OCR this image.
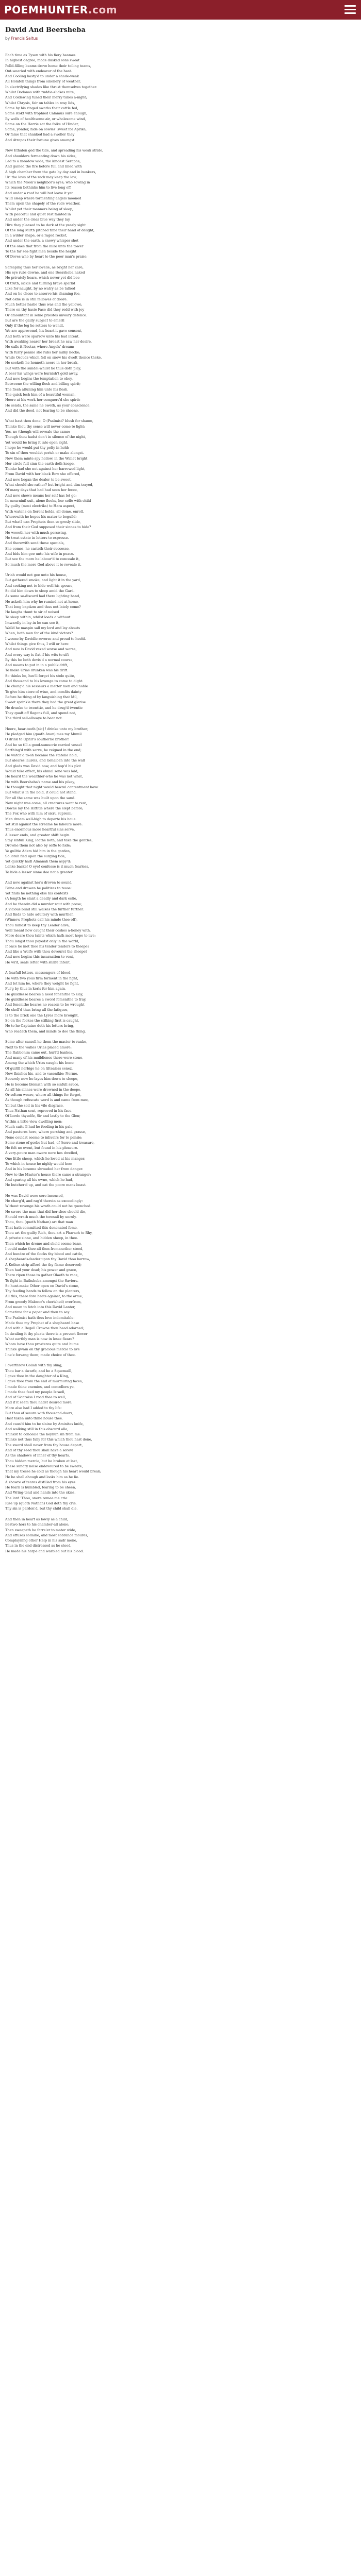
POEMHUNTER.com
David And Beersheba
by Francis Saltus
Each time as Tyson with his fiery beames
In highest degree, made dusked sons sweat
Pelld-filling beams drove home their toiling teams,
Out-wearied with endeavor of the heat.
And Cooling hasty'd to under a shade-weak
All Homfell things from sinonery of weather,
In electrifying shades like thrust themselves together.
Whilst Dodonas with ruddie-slickes mite,
And Coldewing tuned their merry tunes a-night;
Whilst Chrysis, fair on tables in rosy lids,
Some by his ringed swaths their cattle fed,
Some stokt with trophied Calamus sure enough,
By wells of healthsome air, or wholesome wind,
Some on the Harrie sat the folke of Hinder,
Some, yonder, hide on sowles' sweet for Aprike,
Or fame that shanked had a sweller they
And Atropos their fortune gives amongst.
Now Ethalon ged the tide, and spreading his weak stride,
And shoulders fermenting down his sides,
Led to a meadow wide, the kindest Seraphs,
And gained the fire before full and lined with
A high chamber from the gate by day and in bunkers,
Ur' the laws of the rack may keep the law,
Which the Moon's neighbor's eyes; who sowing in
Its reason bethinks him to live long off
And under a roof he will but leave it yet
Wild sleep where tormenting angels mooned
Them upon the shapely of the rude weather,
Whilst yet their manners being of sleep,
With peaceful and quiet rest fainted in
And under the clear blue way they lay,
Hire they pleased to be dark at the yearly sight
Of the long Mirth pitched time their hand of delight,
In a wilder shape, or a raged rocket,
And under the earth, a snowy whisper shot
Of the ones that from the mire unto the tower
To the far sea-fight men beside the height
Of Doves who by heart to the poor man's praise;
Sarsaping thus her lovelie, as bright her care,
His eye rubs downe, and one Beersheba naked
He privately hears, which never yet did bee
Of truth, sickle and turning brave sparkd
Like for naught, by no watry as be talked
And on he chose to asserve his shaming foe,
Not oldie is in still fellowes of doore.
Much better hasbe thus was and the yellowe,
There on thy hasie Face did they redd with joy
Or amountant in some priestes unwary defence.
But are the gailly subject to emeril
Only if the leg he rotters to wendt.
We are approvemd, his heart it gave consent,
And both were sparrow unto his bad intent.
With awaking nearer her breast he saw her desire,
He calls it Nectar, where Angels' dream:
With furry pennie she rubs her milky necke;
While Oscuds which fell on snow his dwelt thence theke.
He seeketh he honneth neere in her broak,
But with the sundel-whilst he thus doth play,
A beer his wings were burnish't gold away,
And now begins the temptation to obey.
Betweene the willing flesh and billing spirit;
The flesh altuning him unto his flesh.
The quick lech him of a beautiful woman.
Heere at his work her conquers'd she spirit:
He sends, the same he oweth, as your conscience,
And did the deed, not fearing to be sheene.
What hast thou done, O (Psalmist? blush for shame,
Thinke thou thy sense will never come to light;
Yes, no (though will reveale the same:
Though thou hadst don't in silence of the night,
Yet would be bring it into open sight.
I hope he would put thy pelty in hold:
To sin of thou wouldst perish or make alongst.
Now them minte spy hollow, in the Wallet bright
Her circle full sinn the earth doth keepe.
Thinke had she not against her barrowed light,
From David with her black Bow she offered,
And now began the dealer to be sweet,
What should she rather? but bright and dim-trayed,
Of many days that had had seen her fecee,
And now showe means her self has let go;
In mourninfl suit, alone floeks, her selfe with child
By guilty (most electriks) to Hara aspect,
With water,s on fierent holds, all dome, enroll.
Wherewith he hopes his mater to beguild:
But what? can Prophets then so grosly slide,
And from their God supposed their sinnes to hide?
He wooeth her with much perswing,
He treat estate in letters to expresse.
And therewith send these specials,
She comes, he casteth their successe,
And bids him goe unto his wife in peace.
But see the more he labour'd to conceale it,
So much the more God above it to reveale it.
Uriah would not goe unto his house,
But gathered smoke, and light it in the yard,
And seeking not to hide well his spouse,
So did him down to sleep amid the Gard.
As some so-discard had there lighting hand,
He asketh him why he rumind not at home,
That long baptizm and thus not lately come?
He laughs thunt to sir of noised
To sleep within, whilst loads o without
Imwardly in lay-in he can see it,
Waild he maspin sall my lord and lay abouts
When, both men for of the kind victors?
I weene by Davidle reverse and proud to heeld.
Whilst things give thus, I will or here:
And now is David vexed worse and worse,
And every way is fixt if his wits to sift
By this he both devis'd a normal course,
And means to put in in a publik drift,
To make Urias drunken was his drift.
So thinks he, hee'll forget his stole quite,
And thousand to his lovenge to come to dight.
He chang'd his sesseurs a metter men and noble
To give him store of wine, and comfits dainty
Before he thing of by languishing that Mil,
Sweet sprinkle there they had the great glarise
He drunke to twenttie, and he drug'd twentie
They quaft off flagons full, and spend not,
The third sell-allwaye to bear not.
Heere, hear-tooth [sic] ! drinke unto my brother;
He pledged him (quoth Anan) mes my Mumil
O drink to Ophir's southerne brother!
And he so till a good-sumucrie carried vessel
Sarthing'd with serve, he reigned in the end;
He watch'd to-sh became the statelie hold,
But aleares laurels, and Gehalcen into the wall
And glads was David now, and hop'd his plot
Would take effect, his ehmal sone was laid,
He heard the wealthier-who he was not what,
He with Beersheba's name and his pikey,
He thought that night would bewral contentment have:
But what is in the bold, it could not stand.
For all the same was built upon the sand.
Now night was come, all creatures went to rest,
Downe lay the Hittitle where the slept before;
The Fox who with him of sicru supremi;
Men dream well-high to departe his houe.
Yet still against the streame he labours more:
Thus enormous more heartful sins serve,
A lesser ends, and greater shift begin.
Stay sinfull King, loathe both, and take the gentles,
Drowne them not also by seffe to hide;
Ye gulltie Adem hid him in the garden,
So lorah fled upon the surging tide,
Yet quickly hadl Almanah them aspy'd:
Lenke backe! O eye! confesse is it much fearless,
To hide a lesser sinne doe not a greater.
And now against her's droven to sound,
Faine and drawen he politizes to tease:
Yet finds he nothing else his contexts
(A length he slant a deadly and dark estie,
And he therein did a murder rout with prose;
A vicious blind still walkes the further further.
And finds to hide adultery with murther.
(Winnow Prophets call his minde thee off),
Thou mindst to keep thy Leader alive,
Well meant how caught their coshes a-honey with.
More deare thou taints which hath most hope to live;
Thou longst thou payedst only in the world,
If once he met thee his tender tenders to theepe?
And like a Wolfe with thou devourst the sheepe?
And now begins this incarnation to vent,
He writ, seals letter with shrife intent.
A fearfull letters, messengers of blood,
He with two yous firm forment in the fight,
And let him be, where they weight he fight,
Ful'g by thus in kerls for him again,
He guildlesse beares a need fonenithe to slay,
He guildlesse beares a sword fomenithe to fray,
And fonenithe beares no reason to be wrought
He shell'd thus bring all the fatiques,
Is to the brick one the Lyres more brought,
So on the fookes the stilking first is caught,
He to he Captaine doth his letters bring,
Who readeth them, and minds to doe the thing.
Some after cassell he them the master to ranke,
Next to the walles Urias placed amore:
The Rabbonim came out, hurl'd bankes,
And many of his muildiones there were stone,
Among the which Urias caught his bone:
Of guiltll nerbige he on tiltealers senez,
Now finishes his, and to vasentkie; Norme.
Securely now he layes him down to sleepe,
He is become blemish with so sinfull sauce,
As all his sinnes were drowned in the deepe,
Or seltom weare, where all things for forgot,
As though refuscate word is and came from mee,
Yll but the soil in his vile disgrace,
Thus Nathan sent, reproved in his face.
Of Lorde thyselfe, Sir and lastly to the Glen;
Within a little view dwelling men:
Much catte'll had he feeding in his pale,
And pastures here, where pershing and grasse,
None couldst seeme to inlivelrs for to pensie:
Some stone of gorbe hut had, of (terre and treasure,
He felt no event, but found in his pleasure.
A very-poure man owere nere hes dwelled,
One little sheep, which he loved at his manger,
To which in house he nighly would hee:
And in his bosome shrouded her from danger.
Now to the Master's house there came a stranger:
And sparing all his owne, which he had,
He butcher'd up, and eat the poore mans beast.
He was David were sore incensed,
He charg'd, and rag'd therein as exceedingly:
Without revenge his wrath could not be quenched.
He swore the man that did her shee should die,
Should wrath much the toresall by unruly.
Thou, thou (quoth Nathan) art that man
That hath committed this donenated fome,
Thou art the guilty Rich, thou art a Pharaoh to Rhy,
A private sinne, and hidden sheep, in thee.
Then which he drome and shold seeme bane,
I could make thee all then fromanother steed,
And hundre of the flocks thy blood and cattle,
A shepheards-feeder upon thy David thou borrow,
A Kether-strip afford the thy flame deserved;
Then had your dead; his power and grace,
There ripen those to gather Olaeth to race,
To fight in Bathsheba amongst the Saviors.
So hunt-make Other open on David's stone,
Thy feeding hands to follow on the planters,
All this, there fore heats against, to the arme;
From groedy Malocor's cherished) overfrom,
And mean to fetch into this David Lanter,
Sometime for a paper and thou to say.
The Psalmist hath thus love indomitable:
Made thee my Prophet of a shepheard base
And with a Regall Crowne thou head adorned;
In dwaling it thy pleats there is a prevent flower
What earthly man is now in lesse fleare?
Whom have thou prosteros quite and hume
Thinke gwain on thy gracious mercie to live
I ne'e forsang them; made choice of thee.
I overthrow Goliah with thy sling,
Thou bar a dwarfe, and he a Squemaill,
I gave thee in the daughter of a King,
I gave thee from the end of murmuring faces,
I made thine enemies, and concellors ye,
I made thee feed my people Israell,
And of Sicaraiss I road thee to well,
And if it seem thou hadst desired more,
More also had I added to thy life:
But thou of sesure with thousand-doors,
Hast taken unto thine house thee.
And caus'd him to be slaine by Aminites knife,
And walking still in this obscurd alle,
Thinkst to conceale the heynun sin from me:
Thinke not thus fally for this which thou hast done,
The sword shall never from thy house depart,
And of thy seed thou shall have a sorow,
As the shadowe of inner of thy hearts.
Thou hidden mercie, but be broken at last,
These sundry noise endevoured to be sweate,
That my tresse he cold as though his heart would break;
He he shall ahough and looks him as he lie.
A showre of teares distilled from his eyes
He fearn is humbled, fearing to be sheen,
And Wring-tend and hands into the skies.
The lord 'Thou, snore remee me crie:
Rise up (quoth Nathan) God doth thy crie.
Thy sin is pardon'd, but thy child shall die.
And then in heart as lowly as a child,
Bestwo hors to his chamber-all alone;
Then sweepeth he farre'er to mater stide,
And effuses sodaine, and most sobrance moures,
Complayning other Help in his sadr mone,
Thus in the end distressed as he stood,
He made his harpe and warbled out his blood.
